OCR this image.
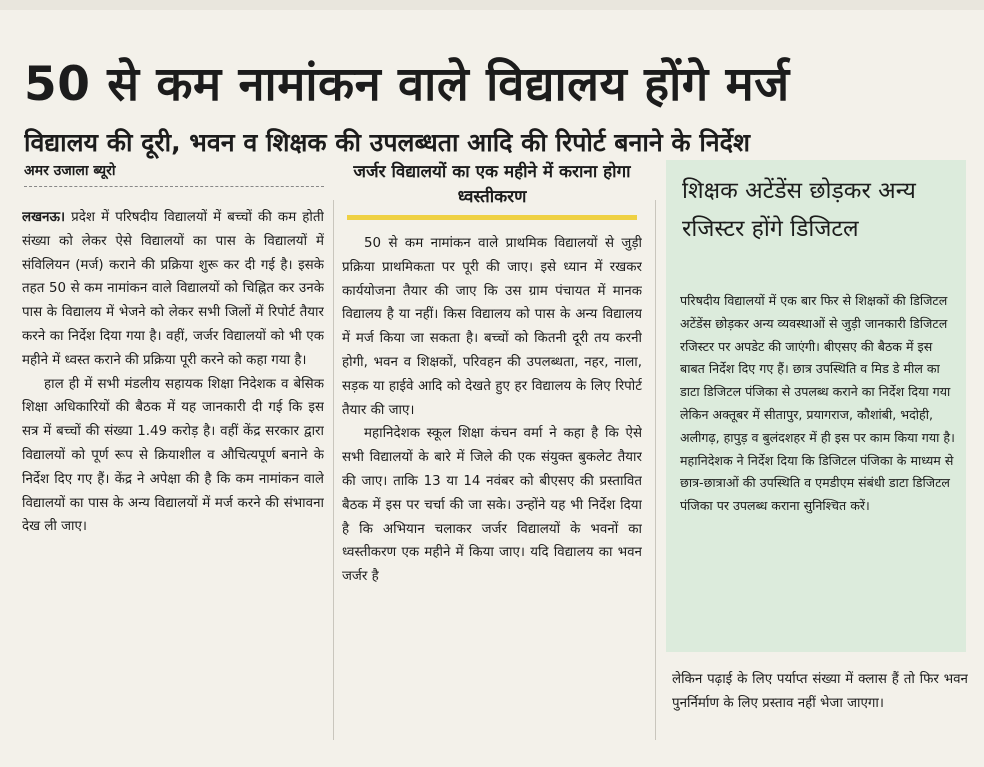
50 से कम नामांकन वाले विद्यालय होंगे मर्ज
विद्यालय की दूरी, भवन व शिक्षक की उपलब्धता आदि की रिपोर्ट बनाने के निर्देश
अमर उजाला ब्यूरो

लखनऊ। प्रदेश में परिषदीय विद्यालयों में बच्चों की कम होती संख्या को लेकर ऐसे विद्यालयों का पास के विद्यालयों में संविलियन (मर्ज) कराने की प्रक्रिया शुरू कर दी गई है। इसके तहत 50 से कम नामांकन वाले विद्यालयों को चिह्नित कर उनके पास के विद्यालय में भेजने को लेकर सभी जिलों में रिपोर्ट तैयार करने का निर्देश दिया गया है। वहीं, जर्जर विद्यालयों को भी एक महीने में ध्वस्त कराने की प्रक्रिया पूरी करने को कहा गया है।

हाल ही में सभी मंडलीय सहायक शिक्षा निदेशक व बेसिक शिक्षा अधिकारियों की बैठक में यह जानकारी दी गई कि इस सत्र में बच्चों की संख्या 1.49 करोड़ है। वहीं केंद्र सरकार द्वारा विद्यालयों को पूर्ण रूप से क्रियाशील व औचित्यपूर्ण बनाने के निर्देश दिए गए हैं। केंद्र ने अपेक्षा की है कि कम नामांकन वाले विद्यालयों का पास के अन्य विद्यालयों में मर्ज करने की संभावना देख ली जाए।

जर्जर विद्यालयों का एक महीने में कराना होगा ध्वस्तीकरण

50 से कम नामांकन वाले प्राथमिक विद्यालयों से जुड़ी प्रक्रिया प्राथमिकता पर पूरी की जाए। इसे ध्यान में रखकर कार्ययोजना तैयार की जाए कि उस ग्राम पंचायत में मानक विद्यालय है या नहीं। किस विद्यालय को पास के अन्य विद्यालय में मर्ज किया जा सकता है। बच्चों को कितनी दूरी तय करनी होगी, भवन व शिक्षकों, परिवहन की उपलब्धता, नहर, नाला, सड़क या हाईवे आदि को देखते हुए हर विद्यालय के लिए रिपोर्ट तैयार की जाए।

महानिदेशक स्कूल शिक्षा कंचन वर्मा ने कहा है कि ऐसे सभी विद्यालयों के बारे में जिले की एक संयुक्त बुकलेट तैयार की जाए। ताकि 13 या 14 नवंबर को बीएसए की प्रस्तावित बैठक में इस पर चर्चा की जा सके। उन्होंने यह भी निर्देश दिया है कि अभियान चलाकर जर्जर विद्यालयों के भवनों का ध्वस्तीकरण एक महीने में किया जाए। यदि विद्यालय का भवन जर्जर है

शिक्षक अटेंडेंस छोड़कर अन्य रजिस्टर होंगे डिजिटल
परिषदीय विद्यालयों में एक बार फिर से शिक्षकों की डिजिटल अटेंडेंस छोड़कर अन्य व्यवस्थाओं से जुड़ी जानकारी डिजिटल रजिस्टर पर अपडेट की जाएंगी। बीएसए की बैठक में इस बाबत निर्देश दिए गए हैं। छात्र उपस्थिति व मिड डे मील का डाटा डिजिटल पंजिका से उपलब्ध कराने का निर्देश दिया गया लेकिन अक्तूबर में सीतापुर, प्रयागराज, कौशांबी, भदोही, अलीगढ़, हापुड़ व बुलंदशहर में ही इस पर काम किया गया है। महानिदेशक ने निर्देश दिया कि डिजिटल पंजिका के माध्यम से छात्र-छात्राओं की उपस्थिति व एमडीएम संबंधी डाटा डिजिटल पंजिका पर उपलब्ध कराना सुनिश्चित करें।
लेकिन पढ़ाई के लिए पर्याप्त संख्या में क्लास हैं तो फिर भवन पुनर्निर्माण के लिए प्रस्ताव नहीं भेजा जाएगा।
